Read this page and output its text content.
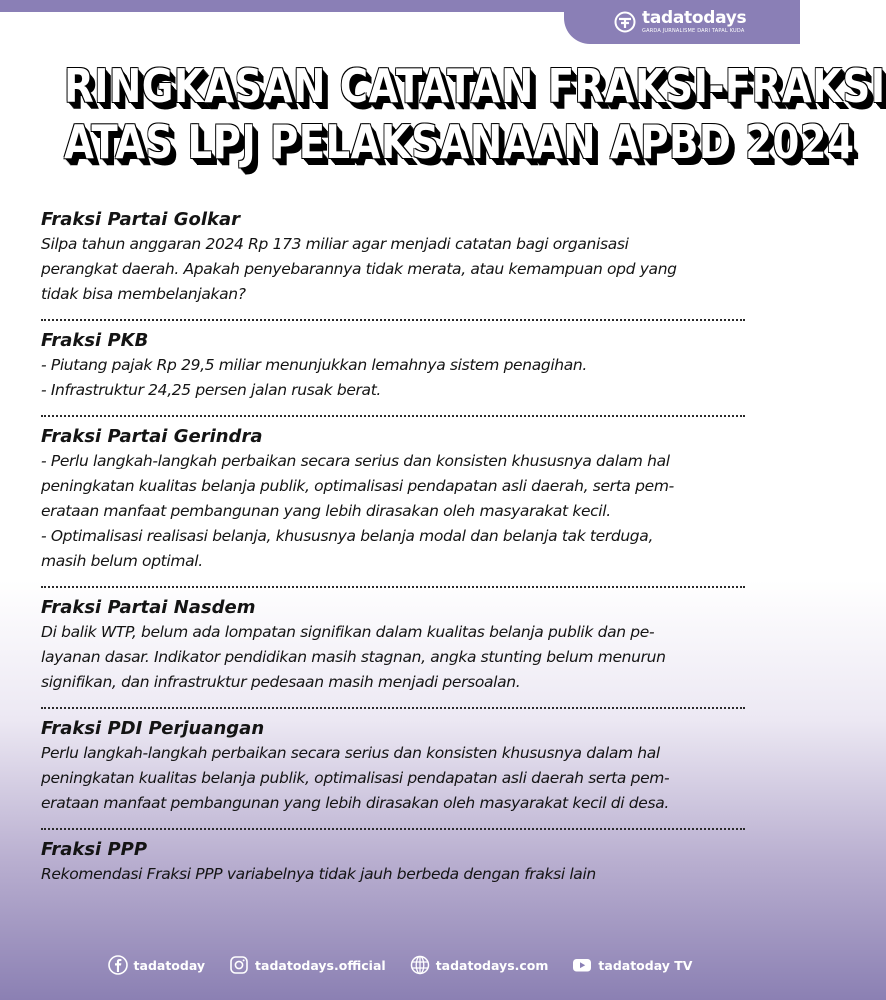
tadatodays
GARDA JURNALISME DARI TAPAL KUDA
RINGKASAN CATATAN FRAKSI-FRAKSI
ATAS LPJ PELAKSANAAN APBD 2024
Fraksi Partai Golkar
Silpa tahun anggaran 2024 Rp 173 miliar agar menjadi catatan bagi organisasi
perangkat daerah. Apakah penyebarannya tidak merata, atau kemampuan opd yang
tidak bisa membelanjakan?
Fraksi PKB
- Piutang pajak Rp 29,5 miliar menunjukkan lemahnya sistem penagihan.
- Infrastruktur 24,25 persen jalan rusak berat.
Fraksi Partai Gerindra
- Perlu langkah-langkah perbaikan secara serius dan konsisten khususnya dalam hal
peningkatan kualitas belanja publik, optimalisasi pendapatan asli daerah, serta pem-
erataan manfaat pembangunan yang lebih dirasakan oleh masyarakat kecil.
- Optimalisasi realisasi belanja, khususnya belanja modal dan belanja tak terduga,
masih belum optimal.
Fraksi Partai Nasdem
Di balik WTP, belum ada lompatan signifikan dalam kualitas belanja publik dan pe-
layanan dasar. Indikator pendidikan masih stagnan, angka stunting belum menurun
signifikan, dan infrastruktur pedesaan masih menjadi persoalan.
Fraksi PDI Perjuangan
Perlu langkah-langkah perbaikan secara serius dan konsisten khususnya dalam hal
peningkatan kualitas belanja publik, optimalisasi pendapatan asli daerah serta pem-
erataan manfaat pembangunan yang lebih dirasakan oleh masyarakat kecil di desa.
Fraksi PPP
Rekomendasi Fraksi PPP variabelnya tidak jauh berbeda dengan fraksi lain
tadatoday	tadatodays.official	tadatodays.com	tadatoday TV
